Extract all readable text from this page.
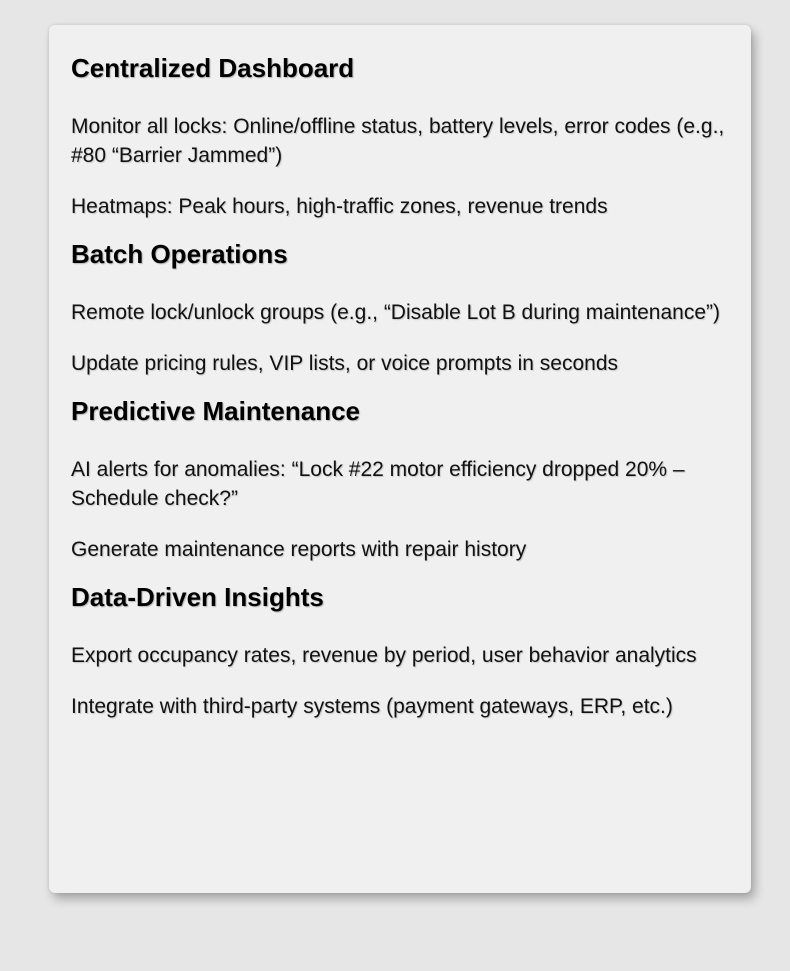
Centralized Dashboard

Monitor all locks: Online/offline status, battery levels, error codes (e.g., #80 “Barrier Jammed”)

Heatmaps: Peak hours, high-traffic zones, revenue trends

Batch Operations

Remote lock/unlock groups (e.g., “Disable Lot B during maintenance”)

Update pricing rules, VIP lists, or voice prompts in seconds

Predictive Maintenance

AI alerts for anomalies: “Lock #22 motor efficiency dropped 20% – Schedule check?”

Generate maintenance reports with repair history

Data-Driven Insights

Export occupancy rates, revenue by period, user behavior analytics

Integrate with third-party systems (payment gateways, ERP, etc.)
